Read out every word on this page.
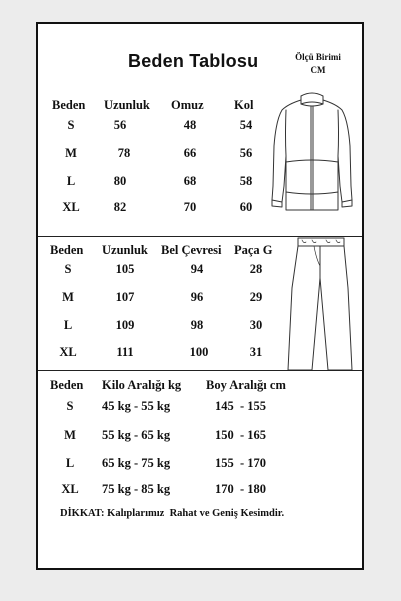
Beden Tablosu	Ölçü Birimi
CM
Beden Uzunluk Omuz Kol
S	56	48	54
M	78	66	56
L	80	68	58
XL	82	70	60
Beden Uzunluk Bel Çevresi Paça G
S	105	94	28
M	107	96	29
L	109	98	30
XL	111	100	31
Beden Kilo Aralığı kg Boy Aralığı cm
S	45 kg - 55 kg	145  - 155
M	55 kg - 65 kg	150  - 165
L	65 kg - 75 kg	155  - 170
XL	75 kg - 85 kg	170  - 180
DİKKAT: Kalıplarımız  Rahat ve Geniş Kesimdir.
